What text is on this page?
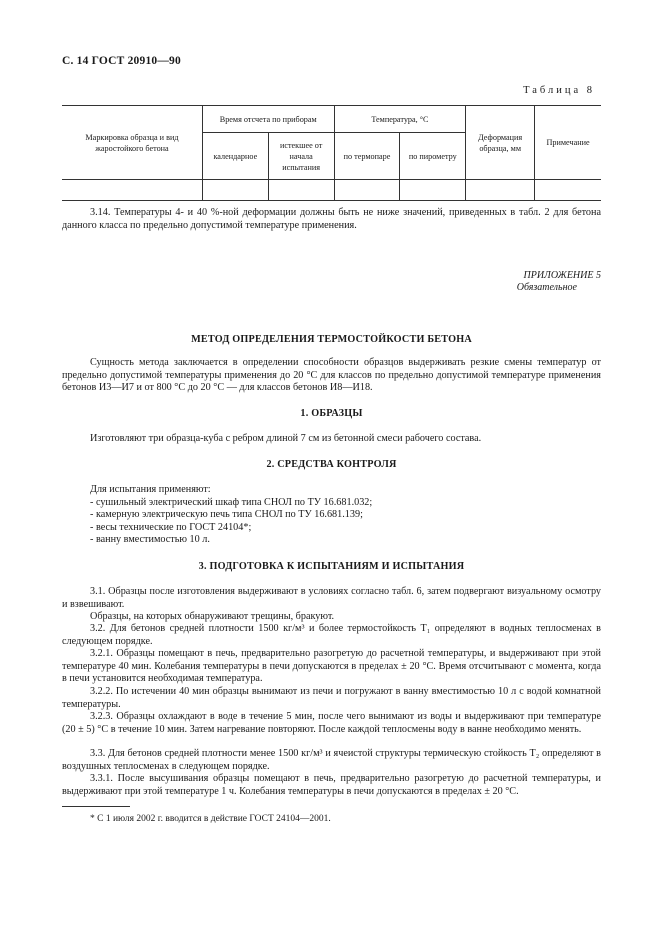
С. 14 ГОСТ 20910—90
Таблица 8
Маркировка образца и вид жаростойкого бетона	Время отсчета по приборам		Температура, °С		Деформация образца, мм	Примечание
	календарное	истекшее от начала испытания	по термопаре	по пирометру		

3.14. Температуры 4- и 40 %-ной деформации должны быть не ниже значений, приведенных в табл. 2 для бетона данного класса по предельно допустимой температуре применения.
ПРИЛОЖЕНИЕ 5
Обязательное
МЕТОД ОПРЕДЕЛЕНИЯ ТЕРМОСТОЙКОСТИ БЕТОНА
Сущность метода заключается в определении способности образцов выдерживать резкие смены температур от предельно допустимой температуры применения до 20 °С для классов по предельно допустимой температуре применения бетонов И3—И7 и от 800 °С до 20 °С — для классов бетонов И8—И18.
1. ОБРАЗЦЫ
Изготовляют три образца-куба с ребром длиной 7 см из бетонной смеси рабочего состава.
2. СРЕДСТВА КОНТРОЛЯ
Для испытания применяют:
- сушильный электрический шкаф типа СНОЛ по ТУ 16.681.032;
- камерную электрическую печь типа СНОЛ по ТУ 16.681.139;
- весы технические по ГОСТ 24104*;
- ванну вместимостью 10 л.
3. ПОДГОТОВКА К ИСПЫТАНИЯМ И ИСПЫТАНИЯ
3.1. Образцы после изготовления выдерживают в условиях согласно табл. 6, затем подвергают визуальному осмотру и взвешивают.
Образцы, на которых обнаруживают трещины, бракуют.
3.2. Для бетонов средней плотности 1500 кг/м³ и более термостойкость T₁ определяют в водных теплосменах в следующем порядке.
3.2.1. Образцы помещают в печь, предварительно разогретую до расчетной температуры, и выдерживают при этой температуре 40 мин. Колебания температуры в печи допускаются в пределах ± 20 °С. Время отсчитывают с момента, когда в печи установится необходимая температура.
3.2.2. По истечении 40 мин образцы вынимают из печи и погружают в ванну вместимостью 10 л с водой комнатной температуры.
3.2.3. Образцы охлаждают в воде в течение 5 мин, после чего вынимают из воды и выдерживают при температуре (20 ± 5) °С в течение 10 мин. Затем нагревание повторяют. После каждой теплосмены воду в ванне необходимо менять.
3.3. Для бетонов средней плотности менее 1500 кг/м³ и ячеистой структуры термическую стойкость T₂ определяют в воздушных теплосменах в следующем порядке.
3.3.1. После высушивания образцы помещают в печь, предварительно разогретую до расчетной температуры, и выдерживают при этой температуре 1 ч. Колебания температуры в печи допускаются в пределах ± 20 °С.
* С 1 июля 2002 г. вводится в действие ГОСТ 24104—2001.
